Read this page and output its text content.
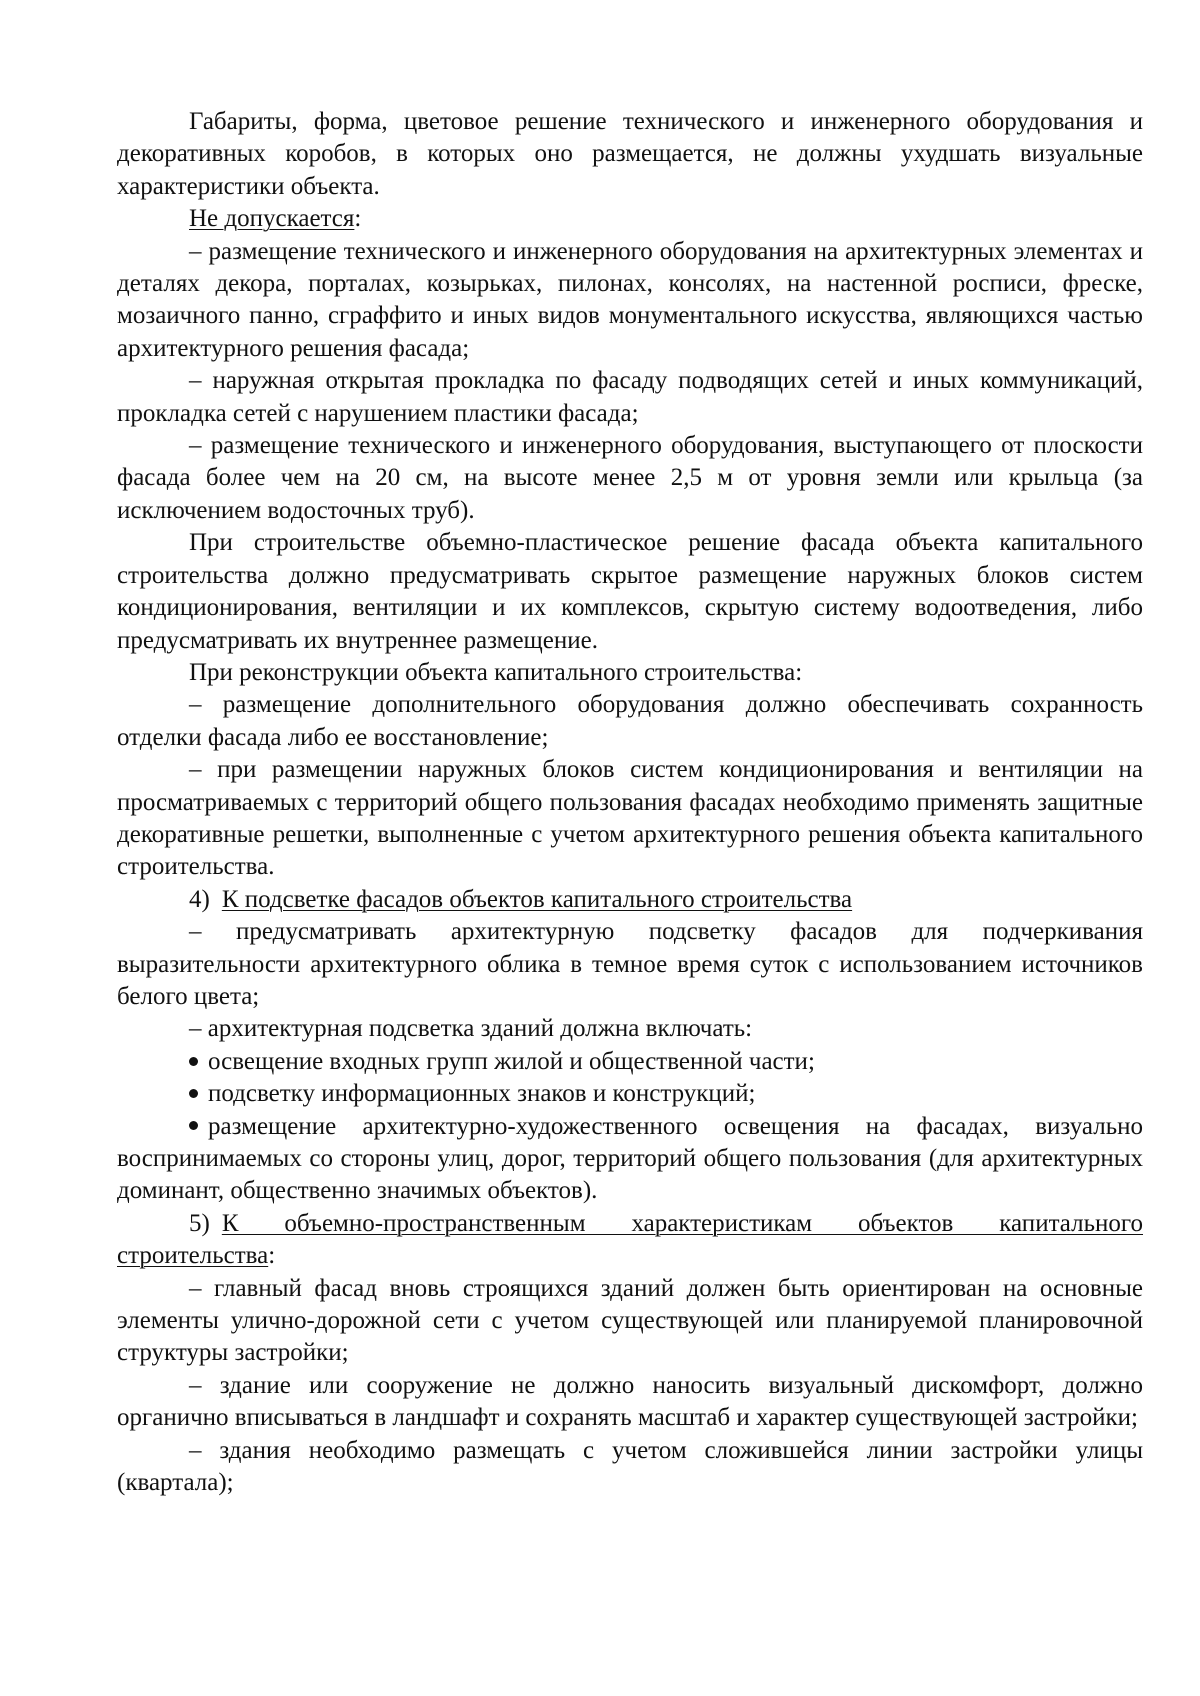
Габариты, форма, цветовое решение технического и инженерного оборудования и декоративных коробов, в которых оно размещается, не должны ухудшать визуальные характеристики объекта.

Не допускается:

– размещение технического и инженерного оборудования на архитектурных элементах и деталях декора, порталах, козырьках, пилонах, консолях, на настенной росписи, фреске, мозаичного панно, сграффито и иных видов монументального искусства, являющихся частью архитектурного решения фасада;

– наружная открытая прокладка по фасаду подводящих сетей и иных коммуникаций, прокладка сетей с нарушением пластики фасада;

– размещение технического и инженерного оборудования, выступающего от плоскости фасада более чем на 20 см, на высоте менее 2,5 м от уровня земли или крыльца (за исключением водосточных труб).

При строительстве объемно-пластическое решение фасада объекта капитального строительства должно предусматривать скрытое размещение наружных блоков систем кондиционирования, вентиляции и их комплексов, скрытую систему водоотведения, либо предусматривать их внутреннее размещение.

При реконструкции объекта капитального строительства:

– размещение дополнительного оборудования должно обеспечивать сохранность отделки фасада либо ее восстановление;

– при размещении наружных блоков систем кондиционирования и вентиляции на просматриваемых с территорий общего пользования фасадах необходимо применять защитные декоративные решетки, выполненные с учетом архитектурного решения объекта капитального строительства.

4) К подсветке фасадов объектов капитального строительства

– предусматривать архитектурную подсветку фасадов для подчеркивания выразительности архитектурного облика в темное время суток с использованием источников белого цвета;

– архитектурная подсветка зданий должна включать:

освещение входных групп жилой и общественной части;

подсветку информационных знаков и конструкций;

размещение архитектурно-художественного освещения на фасадах, визуально воспринимаемых со стороны улиц, дорог, территорий общего пользования (для архитектурных доминант, общественно значимых объектов).

5) К объемно-пространственным характеристикам объектов капитального строительства:

– главный фасад вновь строящихся зданий должен быть ориентирован на основные элементы улично-дорожной сети с учетом существующей или планируемой планировочной структуры застройки;

– здание или сооружение не должно наносить визуальный дискомфорт, должно органично вписываться в ландшафт и сохранять масштаб и характер существующей застройки;

– здания необходимо размещать с учетом сложившейся линии застройки улицы (квартала);
